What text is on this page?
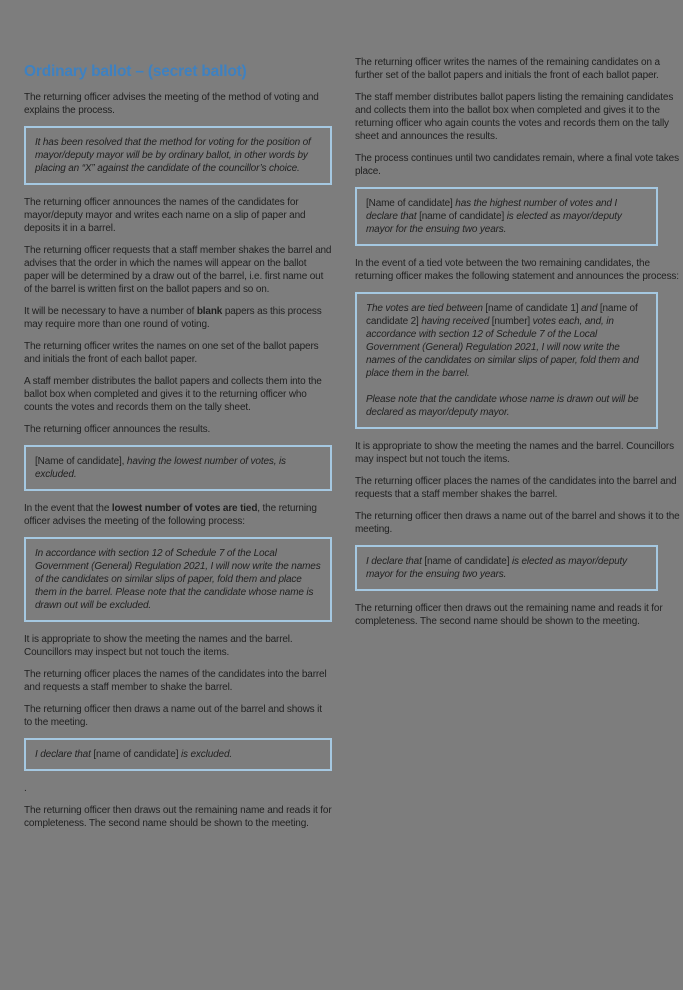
Ordinary ballot – (secret ballot)

The returning officer advises the meeting of the method of voting and explains the process.

It has been resolved that the method for voting for the position of mayor/deputy mayor will be by ordinary ballot, in other words by placing an “X” against the candidate of the councillor’s choice.

The returning officer announces the names of the candidates for mayor/deputy mayor and writes each name on a slip of paper and deposits it in a barrel.

The returning officer requests that a staff member shakes the barrel and advises that the order in which the names will appear on the ballot paper will be determined by a draw out of the barrel, i.e. first name out of the barrel is written first on the ballot papers and so on.

It will be necessary to have a number of blank papers as this process may require more than one round of voting.

The returning officer writes the names on one set of the ballot papers and initials the front of each ballot paper.

A staff member distributes the ballot papers and collects them into the ballot box when completed and gives it to the returning officer who counts the votes and records them on the tally sheet.

The returning officer announces the results.

[Name of candidate], having the lowest number of votes, is excluded.

In the event that the lowest number of votes are tied, the returning officer advises the meeting of the following process:

In accordance with section 12 of Schedule 7 of the Local Government (General) Regulation 2021, I will now write the names of the candidates on similar slips of paper, fold them and place them in the barrel. Please note that the candidate whose name is drawn out will be excluded.

It is appropriate to show the meeting the names and the barrel. Councillors may inspect but not touch the items.

The returning officer places the names of the candidates into the barrel and requests a staff member to shake the barrel.

The returning officer then draws a name out of the barrel and shows it to the meeting.

I declare that [name of candidate] is excluded.

.

The returning officer then draws out the remaining name and reads it for completeness. The second name should be shown to the meeting.

The returning officer writes the names of the remaining candidates on a further set of the ballot papers and initials the front of each ballot paper.

The staff member distributes ballot papers listing the remaining candidates and collects them into the ballot box when completed and gives it to the returning officer who again counts the votes and records them on the tally sheet and announces the results.

The process continues until two candidates remain, where a final vote takes place.

[Name of candidate] has the highest number of votes and I declare that [name of candidate] is elected as mayor/deputy mayor for the ensuing two years.

In the event of a tied vote between the two remaining candidates, the returning officer makes the following statement and announces the process:

The votes are tied between [name of candidate 1] and [name of candidate 2] having received [number] votes each, and, in accordance with section 12 of Schedule 7 of the Local Government (General) Regulation 2021, I will now write the names of the candidates on similar slips of paper, fold them and place them in the barrel.

Please note that the candidate whose name is drawn out will be declared as mayor/deputy mayor.

It is appropriate to show the meeting the names and the barrel. Councillors may inspect but not touch the items.

The returning officer places the names of the candidates into the barrel and requests that a staff member shakes the barrel.

The returning officer then draws a name out of the barrel and shows it to the meeting.

I declare that [name of candidate] is elected as mayor/deputy mayor for the ensuing two years.

The returning officer then draws out the remaining name and reads it for completeness. The second name should be shown to the meeting.
